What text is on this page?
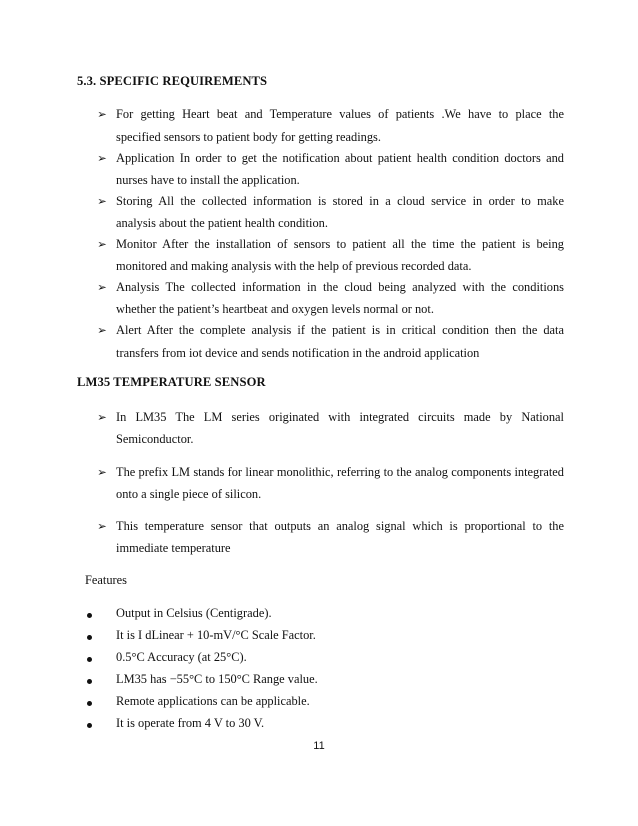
5.3. SPECIFIC REQUIREMENTS

➢ For getting Heart beat and Temperature values of patients .We have to place the

specified sensors to patient body for getting readings.

➢ Application In order to get the notification about patient health condition doctors and

nurses have to install the application.

➢ Storing All the collected information is stored in a cloud service in order to make

analysis about the patient health condition.

➢ Monitor After the installation of sensors to patient all the time the patient is being

monitored and making analysis with the help of previous recorded data.

➢ Analysis The collected information in the cloud being analyzed with the conditions

whether the patient’s heartbeat and oxygen levels normal or not.

➢ Alert After the complete analysis if the patient is in critical condition then the data

transfers from iot device and sends notification in the android application

LM35 TEMPERATURE SENSOR

➢ In LM35 The LM series originated with integrated circuits made by National

Semiconductor.

➢ The prefix LM stands for linear monolithic, referring to the analog components integrated

onto a single piece of silicon.

➢ This temperature sensor that outputs an analog signal which is proportional to the

immediate temperature

Features

Output in Celsius (Centigrade).

It is I dLinear + 10-mV/°C Scale Factor.

0.5°C Accuracy (at 25°C).

LM35 has −55°C to 150°C Range value.

Remote applications can be applicable.

It is operate from 4 V to 30 V.

11
